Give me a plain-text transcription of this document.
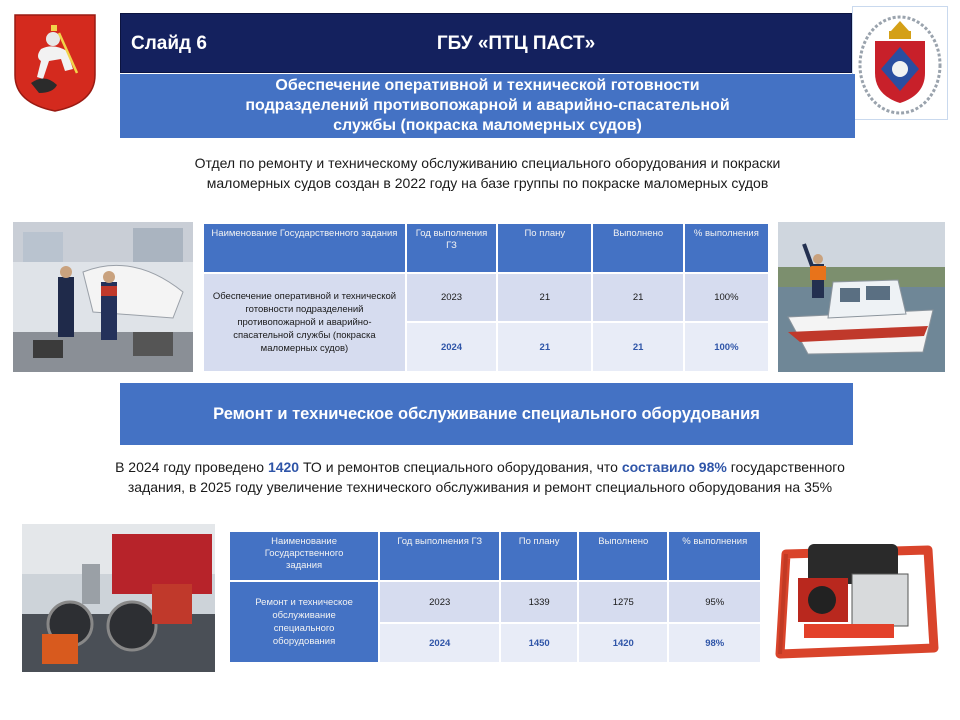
Слайд 6	ГБУ «ПТЦ ПАСТ»
Обеспечение оперативной и технической готовности
подразделений противопожарной и аварийно-спасательной
службы (покраска маломерных судов)
Отдел по ремонту и техническому обслуживанию специального оборудования и покраски
маломерных судов создан в 2022 году на базе группы по покраске маломерных судов
Наименование Государственного задания	Год выполнения ГЗ	По плану	Выполнено	% выполнения
Обеспечение оперативной и технической готовности подразделений противопожарной и аварийно-спасательной службы (покраска маломерных судов)	2023	21	21	100%
	2024	21	21	100%
Ремонт и техническое обслуживание специального оборудования
В 2024 году проведено 1420 ТО и ремонтов специального оборудования, что составило 98% государственного
задания, в 2025 году увеличение технического обслуживания и ремонт специального оборудования на 35%
Наименование Государственного задания	Год выполнения ГЗ	По плану	Выполнено	% выполнения
Ремонт и техническое обслуживание специального оборудования	2023	1339	1275	95%
	2024	1450	1420	98%
